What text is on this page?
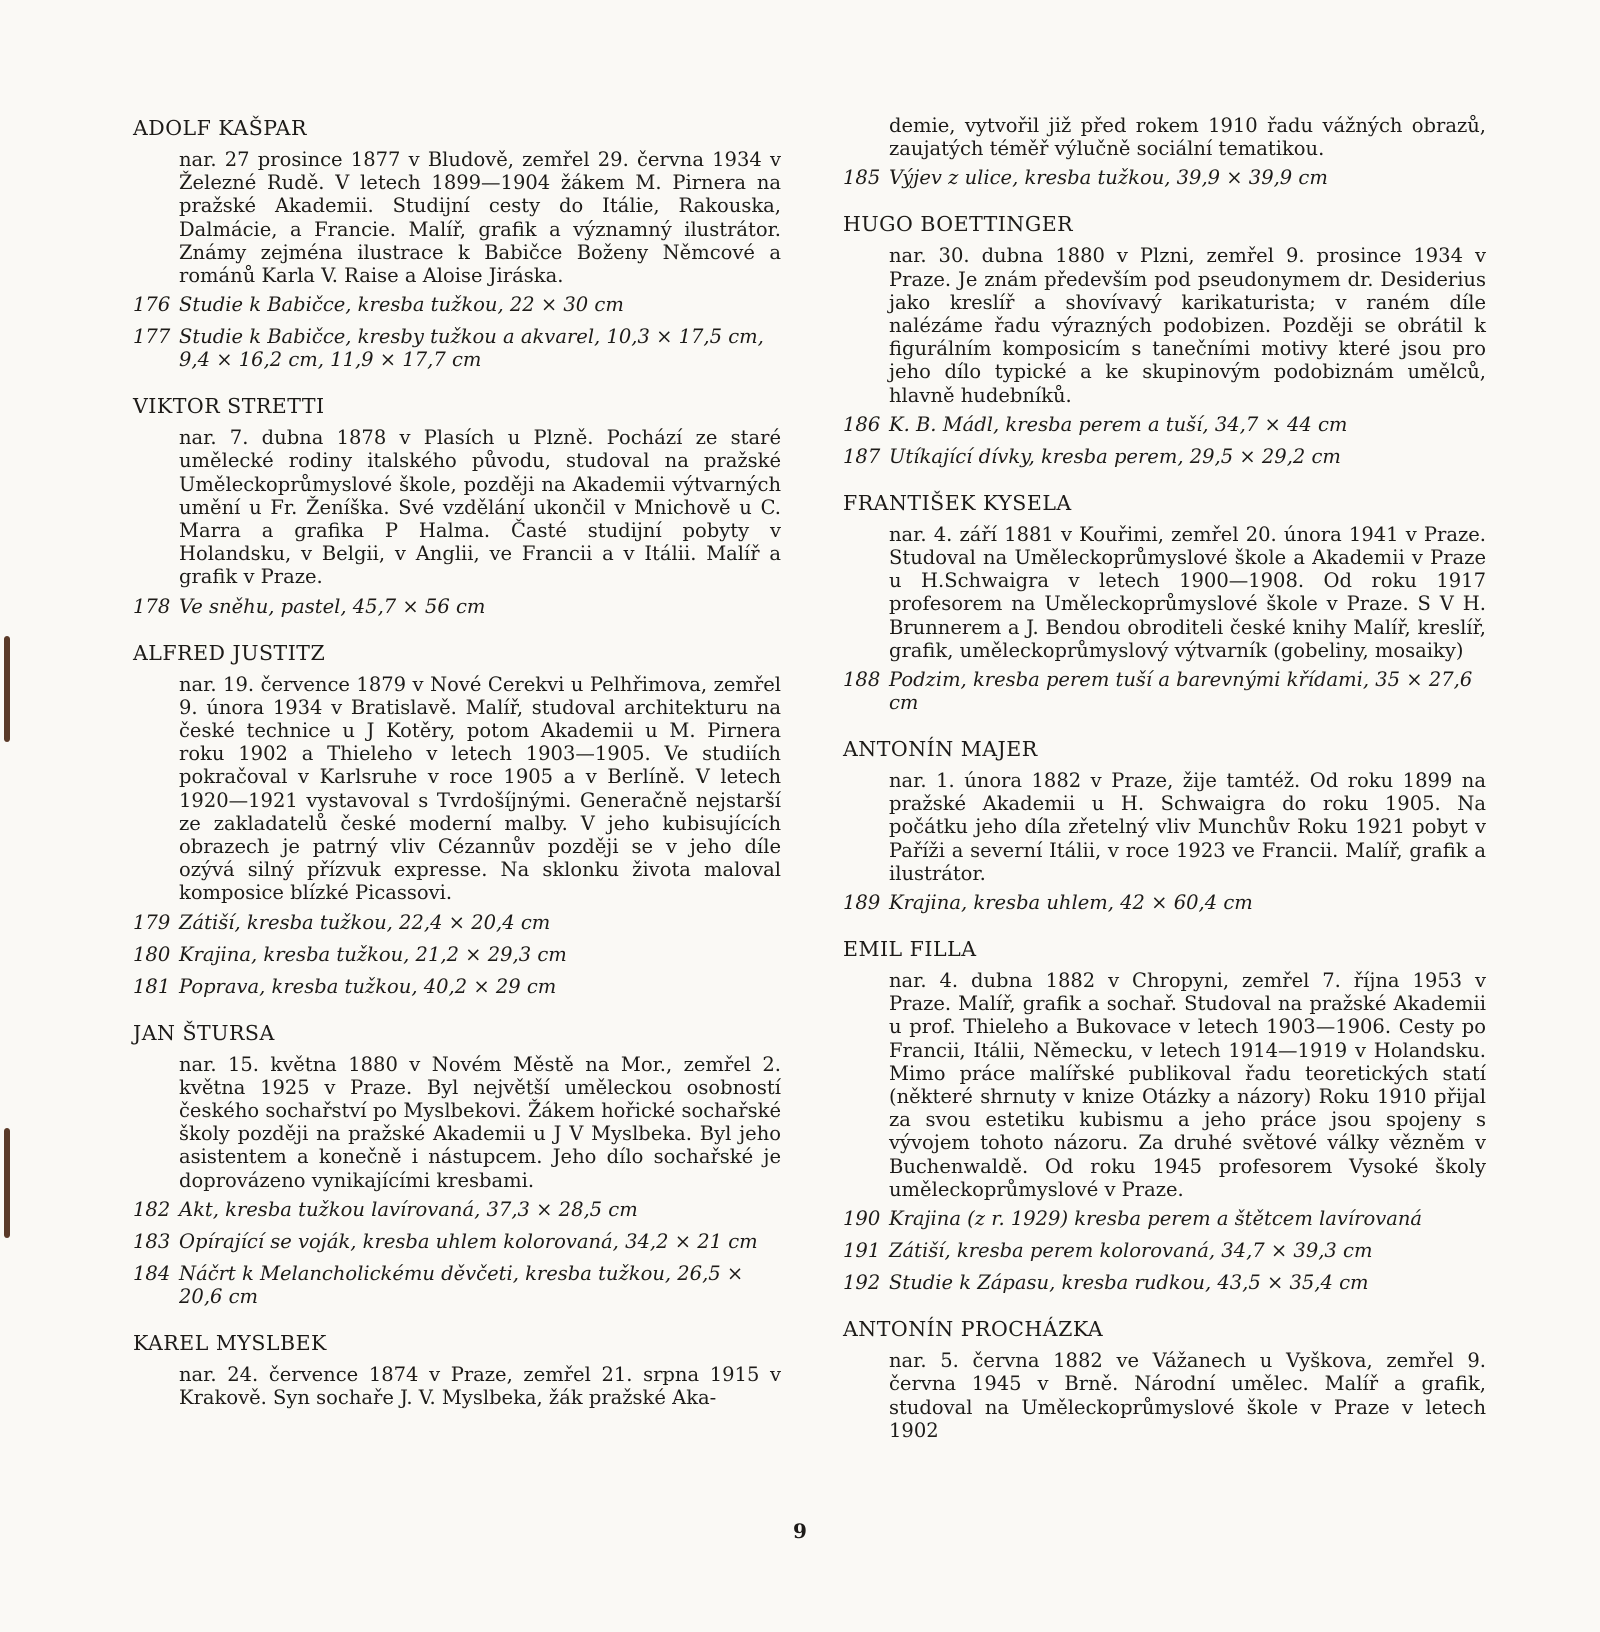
ADOLF KAŠPAR

nar. 27 prosince 1877 v Bludově, zemřel 29. června 1934 v Železné Rudě. V letech 1899—1904 žákem M. Pirnera na pražské Akademii. Studijní cesty do Itálie, Rakouska, Dalmácie, a Francie. Malíř, grafik a významný ilustrátor. Známy zejména ilustrace k Babičce Boženy Němcové a románů Karla V. Raise a Aloise Jiráska.

176 Studie k Babičce, kresba tužkou, 22 × 30 cm
177 Studie k Babičce, kresby tužkou a akvarel, 10,3 × 17,5 cm, 9,4 × 16,2 cm, 11,9 × 17,7 cm
VIKTOR STRETTI

nar. 7. dubna 1878 v Plasích u Plzně. Pochází ze staré umělecké rodiny italského původu, studoval na pražské Uměleckoprůmyslové škole, později na Akademii výtvarných umění u Fr. Ženíška. Své vzdělání ukončil v Mnichově u C. Marra a grafika P Halma. Časté studijní pobyty v Holandsku, v Belgii, v Anglii, ve Francii a v Itálii. Malíř a grafik v Praze.

178 Ve sněhu, pastel, 45,7 × 56 cm
ALFRED JUSTITZ

nar. 19. července 1879 v Nové Cerekvi u Pelhřimova, zemřel 9. února 1934 v Bratislavě. Malíř, studoval architekturu na české technice u J Kotěry, potom Akademii u M. Pirnera roku 1902 a Thieleho v letech 1903—1905. Ve studiích pokračoval v Karlsruhe v roce 1905 a v Berlíně. V letech 1920—1921 vystavoval s Tvrdošíjnými. Generačně nejstarší ze zakladatelů české moderní malby. V jeho kubisujících obrazech je patrný vliv Cézannův později se v jeho díle ozývá silný přízvuk expresse. Na sklonku života maloval komposice blízké Picassovi.

179 Zátiší, kresba tužkou, 22,4 × 20,4 cm
180 Krajina, kresba tužkou, 21,2 × 29,3 cm
181 Poprava, kresba tužkou, 40,2 × 29 cm
JAN ŠTURSA

nar. 15. května 1880 v Novém Městě na Mor., zemřel 2. května 1925 v Praze. Byl největší uměleckou osobností českého sochařství po Myslbekovi. Žákem hořické sochařské školy později na pražské Akademii u J V Myslbeka. Byl jeho asistentem a konečně i nástupcem. Jeho dílo sochařské je doprovázeno vynikajícími kresbami.

182 Akt, kresba tužkou lavírovaná, 37,3 × 28,5 cm
183 Opírající se voják, kresba uhlem kolorovaná, 34,2 × 21 cm
184 Náčrt k Melancholickému děvčeti, kresba tužkou, 26,5 × 20,6 cm
KAREL MYSLBEK

nar. 24. července 1874 v Praze, zemřel 21. srpna 1915 v Krakově. Syn sochaře J. V. Myslbeka, žák pražské Aka-

demie, vytvořil již před rokem 1910 řadu vážných obrazů, zaujatých téměř výlučně sociální tematikou.

185 Výjev z ulice, kresba tužkou, 39,9 × 39,9 cm
HUGO BOETTINGER

nar. 30. dubna 1880 v Plzni, zemřel 9. prosince 1934 v Praze. Je znám především pod pseudonymem dr. Desiderius jako kreslíř a shovívavý karikaturista; v raném díle nalézáme řadu výrazných podobizen. Později se obrátil k figurálním komposicím s tanečními motivy které jsou pro jeho dílo typické a ke skupinovým podobiznám umělců, hlavně hudebníků.

186 K. B. Mádl, kresba perem a tuší, 34,7 × 44 cm
187 Utíkající dívky, kresba perem, 29,5 × 29,2 cm
FRANTIŠEK KYSELA

nar. 4. září 1881 v Kouřimi, zemřel 20. února 1941 v Praze. Studoval na Uměleckoprůmyslové škole a Akademii v Praze u H.Schwaigra v letech 1900—1908. Od roku 1917 profesorem na Uměleckoprůmyslové škole v Praze. S V H. Brunnerem a J. Bendou obroditeli české knihy Malíř, kreslíř, grafik, uměleckoprůmyslový výtvarník (gobeliny, mosaiky)

188 Podzim, kresba perem tuší a barevnými křídami, 35 × 27,6 cm
ANTONÍN MAJER

nar. 1. února 1882 v Praze, žije tamtéž. Od roku 1899 na pražské Akademii u H. Schwaigra do roku 1905. Na počátku jeho díla zřetelný vliv Munchův Roku 1921 pobyt v Paříži a severní Itálii, v roce 1923 ve Francii. Malíř, grafik a ilustrátor.

189 Krajina, kresba uhlem, 42 × 60,4 cm
EMIL FILLA

nar. 4. dubna 1882 v Chropyni, zemřel 7. října 1953 v Praze. Malíř, grafik a sochař. Studoval na pražské Akademii u prof. Thieleho a Bukovace v letech 1903—1906. Cesty po Francii, Itálii, Německu, v letech 1914—1919 v Holandsku. Mimo práce malířské publikoval řadu teoretických statí (některé shrnuty v knize Otázky a názory) Roku 1910 přijal za svou estetiku kubismu a jeho práce jsou spojeny s vývojem tohoto názoru. Za druhé světové války vězněm v Buchenwaldě. Od roku 1945 profesorem Vysoké školy uměleckoprůmyslové v Praze.

190 Krajina (z r. 1929) kresba perem a štětcem lavírovaná
191 Zátiší, kresba perem kolorovaná, 34,7 × 39,3 cm
192 Studie k Zápasu, kresba rudkou, 43,5 × 35,4 cm
ANTONÍN PROCHÁZKA

nar. 5. června 1882 ve Vážanech u Vyškova, zemřel 9. června 1945 v Brně. Národní umělec. Malíř a grafik, studoval na Uměleckoprůmyslové škole v Praze v letech 1902

9
